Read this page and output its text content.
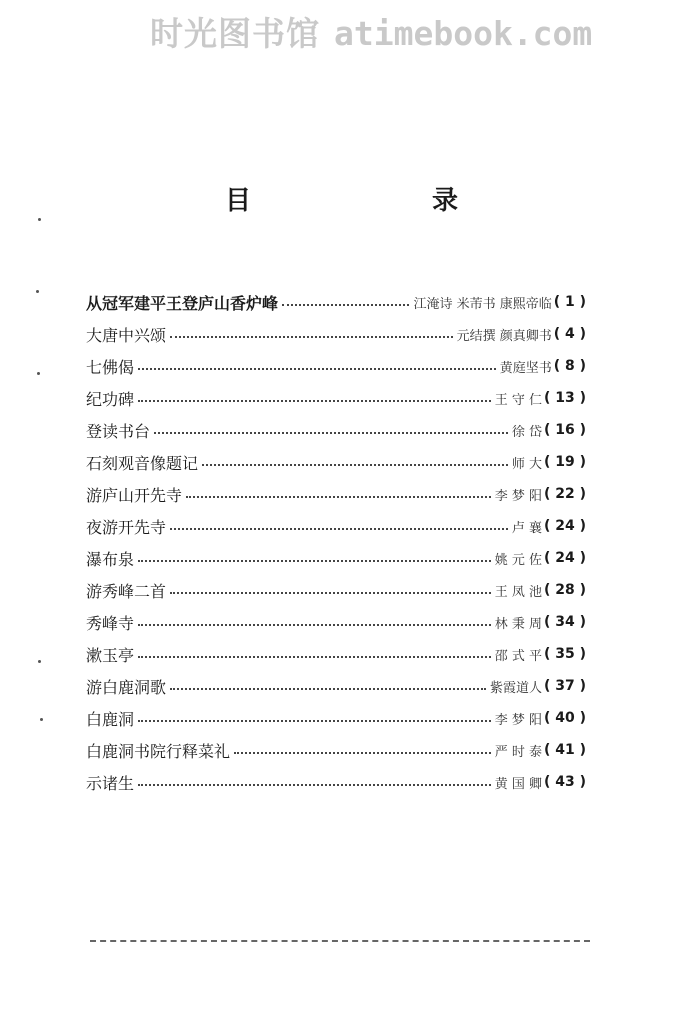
时光图书馆 atimebook.com
目	录
从冠军建平王登庐山香炉峰	江淹诗 米芾书 康熙帝临 ( 1 )
大唐中兴颂	元结撰 颜真卿书 ( 4 )
七佛偈	黄庭坚书 ( 8 )
纪功碑	王 守 仁 ( 13 )
登读书台	徐 岱 ( 16 )
石刻观音像题记	师 大 ( 19 )
游庐山开先寺	李 梦 阳 ( 22 )
夜游开先寺	卢 襄 ( 24 )
瀑布泉	姚 元 佐 ( 24 )
游秀峰二首	王 凤 池 ( 28 )
秀峰寺	林 秉 周 ( 34 )
漱玉亭	邵 式 平 ( 35 )
游白鹿洞歌	紫霞道人 ( 37 )
白鹿洞	李 梦 阳 ( 40 )
白鹿洞书院行释菜礼	严 时 泰 ( 41 )
示诸生	黄 国 卿 ( 43 )
